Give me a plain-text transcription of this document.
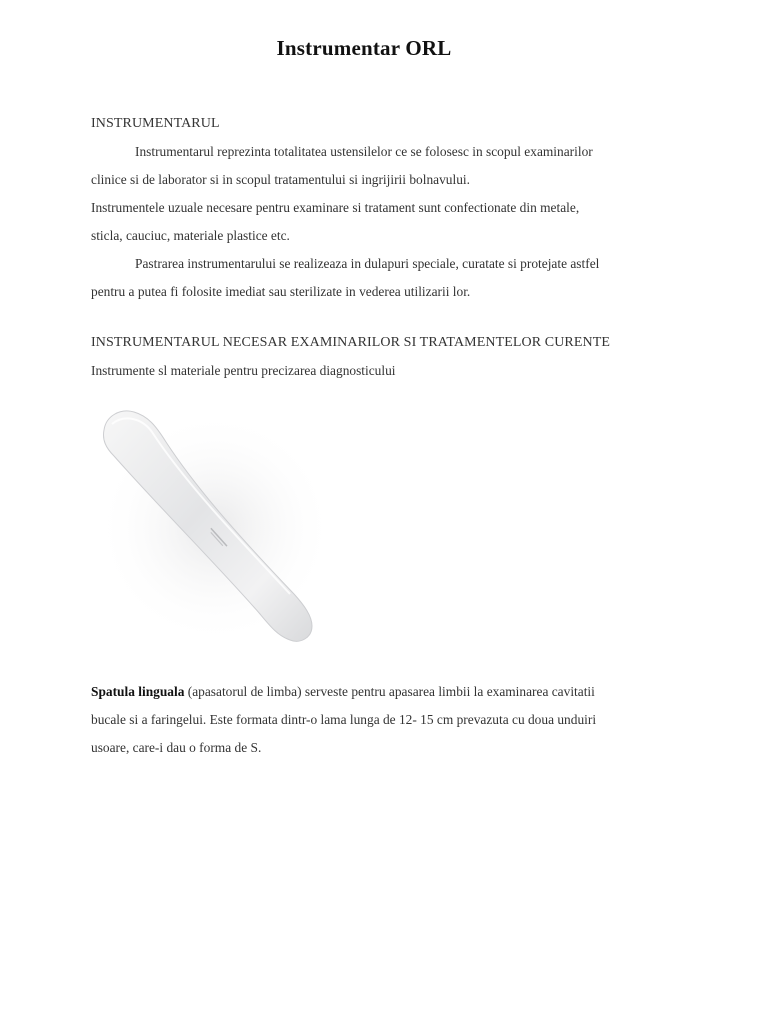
Instrumentar ORL
INSTRUMENTARUL
Instrumentarul reprezinta totalitatea ustensilelor ce se folosesc in scopul examinarilor
clinice si de laborator si in scopul tratamentului si ingrijirii bolnavului.
Instrumentele uzuale necesare pentru examinare si tratament sunt confectionate din metale,
sticla, cauciuc, materiale plastice etc.
Pastrarea instrumentarului se realizeaza in dulapuri speciale, curatate si protejate astfel
pentru a putea fi folosite imediat sau sterilizate in vederea utilizarii lor.
INSTRUMENTARUL NECESAR EXAMINARILOR SI TRATAMENTELOR CURENTE
Instrumente sl materiale pentru precizarea diagnosticului
Spatula linguala (apasatorul de limba) serveste pentru apasarea limbii la examinarea cavitatii
bucale si a faringelui. Este formata dintr-o lama lunga de 12- 15 cm prevazuta cu doua unduiri
usoare, care-i dau o forma de S.
